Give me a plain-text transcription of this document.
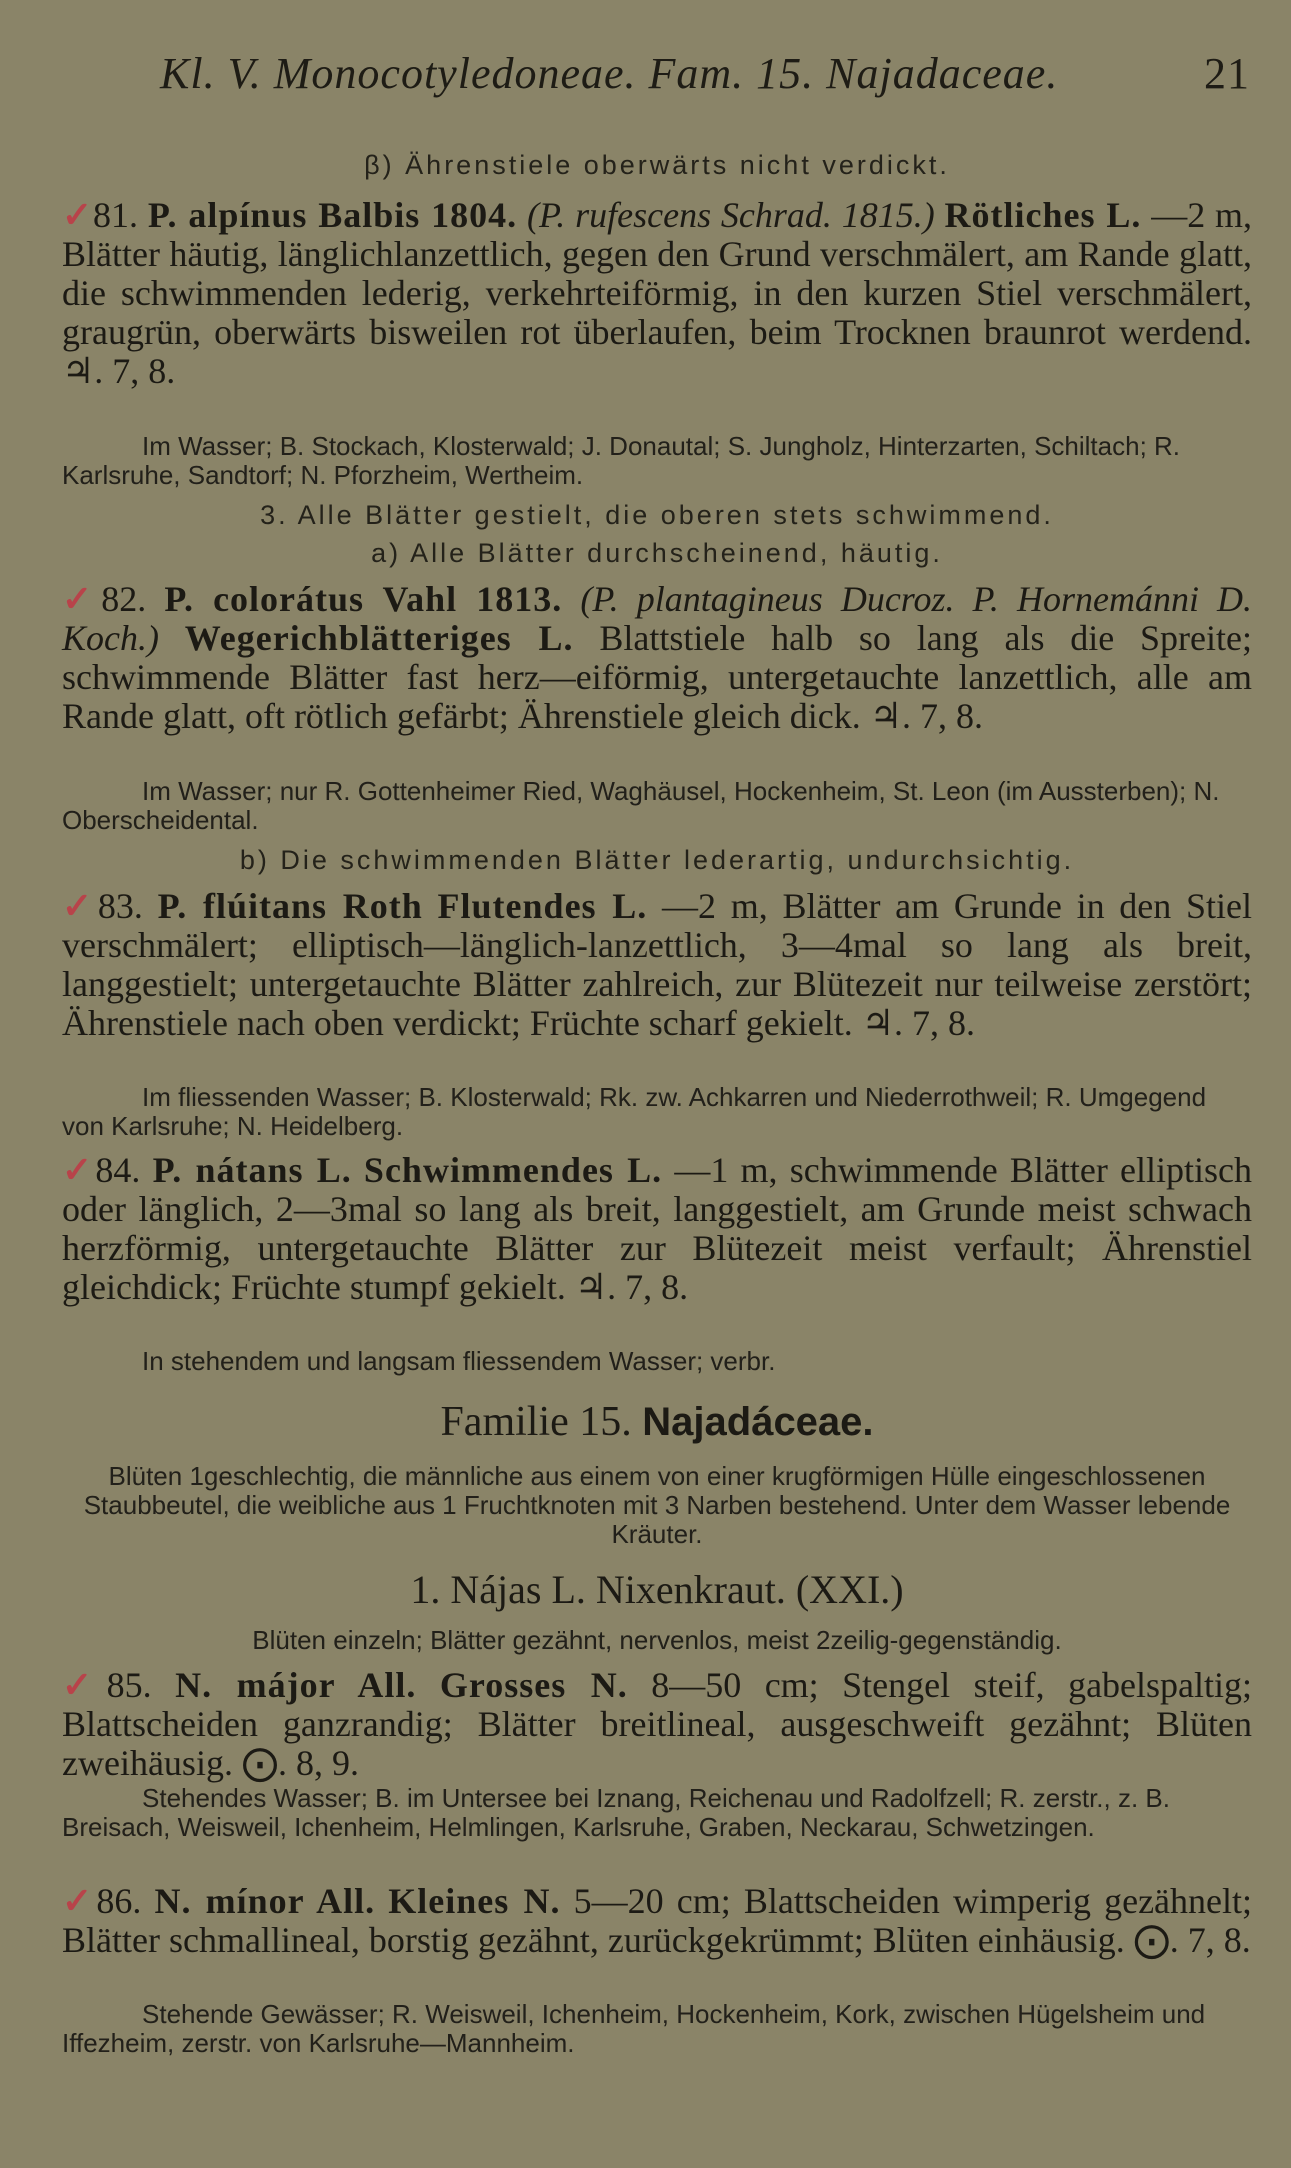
Kl. V. Monocotyledoneae. Fam. 15. Najadaceae.	21
β) Ährenstiele oberwärts nicht verdickt.
✓81. P. alpínus Balbis 1804. (P. rufescens Schrad. 1815.) Rötliches L. —2 m, Blätter häutig, länglichlanzettlich, gegen den Grund verschmälert, am Rande glatt, die schwimmenden lederig, verkehrteiförmig, in den kurzen Stiel verschmälert, graugrün, oberwärts bisweilen rot überlaufen, beim Trocknen braunrot werdend. ♃. 7, 8.
Im Wasser; B. Stockach, Klosterwald; J. Donautal; S. Jungholz, Hinterzarten, Schiltach; R. Karlsruhe, Sandtorf; N. Pforzheim, Wertheim.
3. Alle Blätter gestielt, die oberen stets schwimmend.
a) Alle Blätter durchscheinend, häutig.
✓82. P. colorátus Vahl 1813. (P. plantagineus Ducroz. P. Hornemánni D. Koch.) Wegerichblätteriges L. Blattstiele halb so lang als die Spreite; schwimmende Blätter fast herz—eiförmig, untergetauchte lanzettlich, alle am Rande glatt, oft rötlich gefärbt; Ährenstiele gleich dick. ♃. 7, 8.
Im Wasser; nur R. Gottenheimer Ried, Waghäusel, Hockenheim, St. Leon (im Aussterben); N. Oberscheidental.
b) Die schwimmenden Blätter lederartig, undurchsichtig.
✓83. P. flúitans Roth Flutendes L. —2 m, Blätter am Grunde in den Stiel verschmälert; elliptisch—länglich-lanzettlich, 3—4mal so lang als breit, langgestielt; untergetauchte Blätter zahlreich, zur Blütezeit nur teilweise zerstört; Ährenstiele nach oben verdickt; Früchte scharf gekielt. ♃. 7, 8.
Im fliessenden Wasser; B. Klosterwald; Rk. zw. Achkarren und Niederrothweil; R. Umgegend von Karlsruhe; N. Heidelberg.
✓84. P. nátans L. Schwimmendes L. —1 m, schwimmende Blätter elliptisch oder länglich, 2—3mal so lang als breit, langgestielt, am Grunde meist schwach herzförmig, untergetauchte Blätter zur Blütezeit meist verfault; Ährenstiel gleichdick; Früchte stumpf gekielt. ♃. 7, 8.
In stehendem und langsam fliessendem Wasser; verbr.
Familie 15. Najadáceae.
Blüten 1geschlechtig, die männliche aus einem von einer krugförmigen Hülle eingeschlossenen Staubbeutel, die weibliche aus 1 Fruchtknoten mit 3 Narben bestehend. Unter dem Wasser lebende Kräuter.
1. Nájas L. Nixenkraut. (XXI.)
Blüten einzeln; Blätter gezähnt, nervenlos, meist 2zeilig-gegenständig.
✓85. N. májor All. Grosses N. 8—50 cm; Stengel steif, gabelspaltig; Blattscheiden ganzrandig; Blätter breitlineal, ausgeschweift gezähnt; Blüten zweihäusig. ⨀. 8, 9.
Stehendes Wasser; B. im Untersee bei Iznang, Reichenau und Radolfzell; R. zerstr., z. B. Breisach, Weisweil, Ichenheim, Helmlingen, Karlsruhe, Graben, Neckarau, Schwetzingen.
✓86. N. mínor All. Kleines N. 5—20 cm; Blattscheiden wimperig gezähnelt; Blätter schmallineal, borstig gezähnt, zurückgekrümmt; Blüten einhäusig. ⨀. 7, 8.
Stehende Gewässer; R. Weisweil, Ichenheim, Hockenheim, Kork, zwischen Hügelsheim und Iffezheim, zerstr. von Karlsruhe—Mannheim.
